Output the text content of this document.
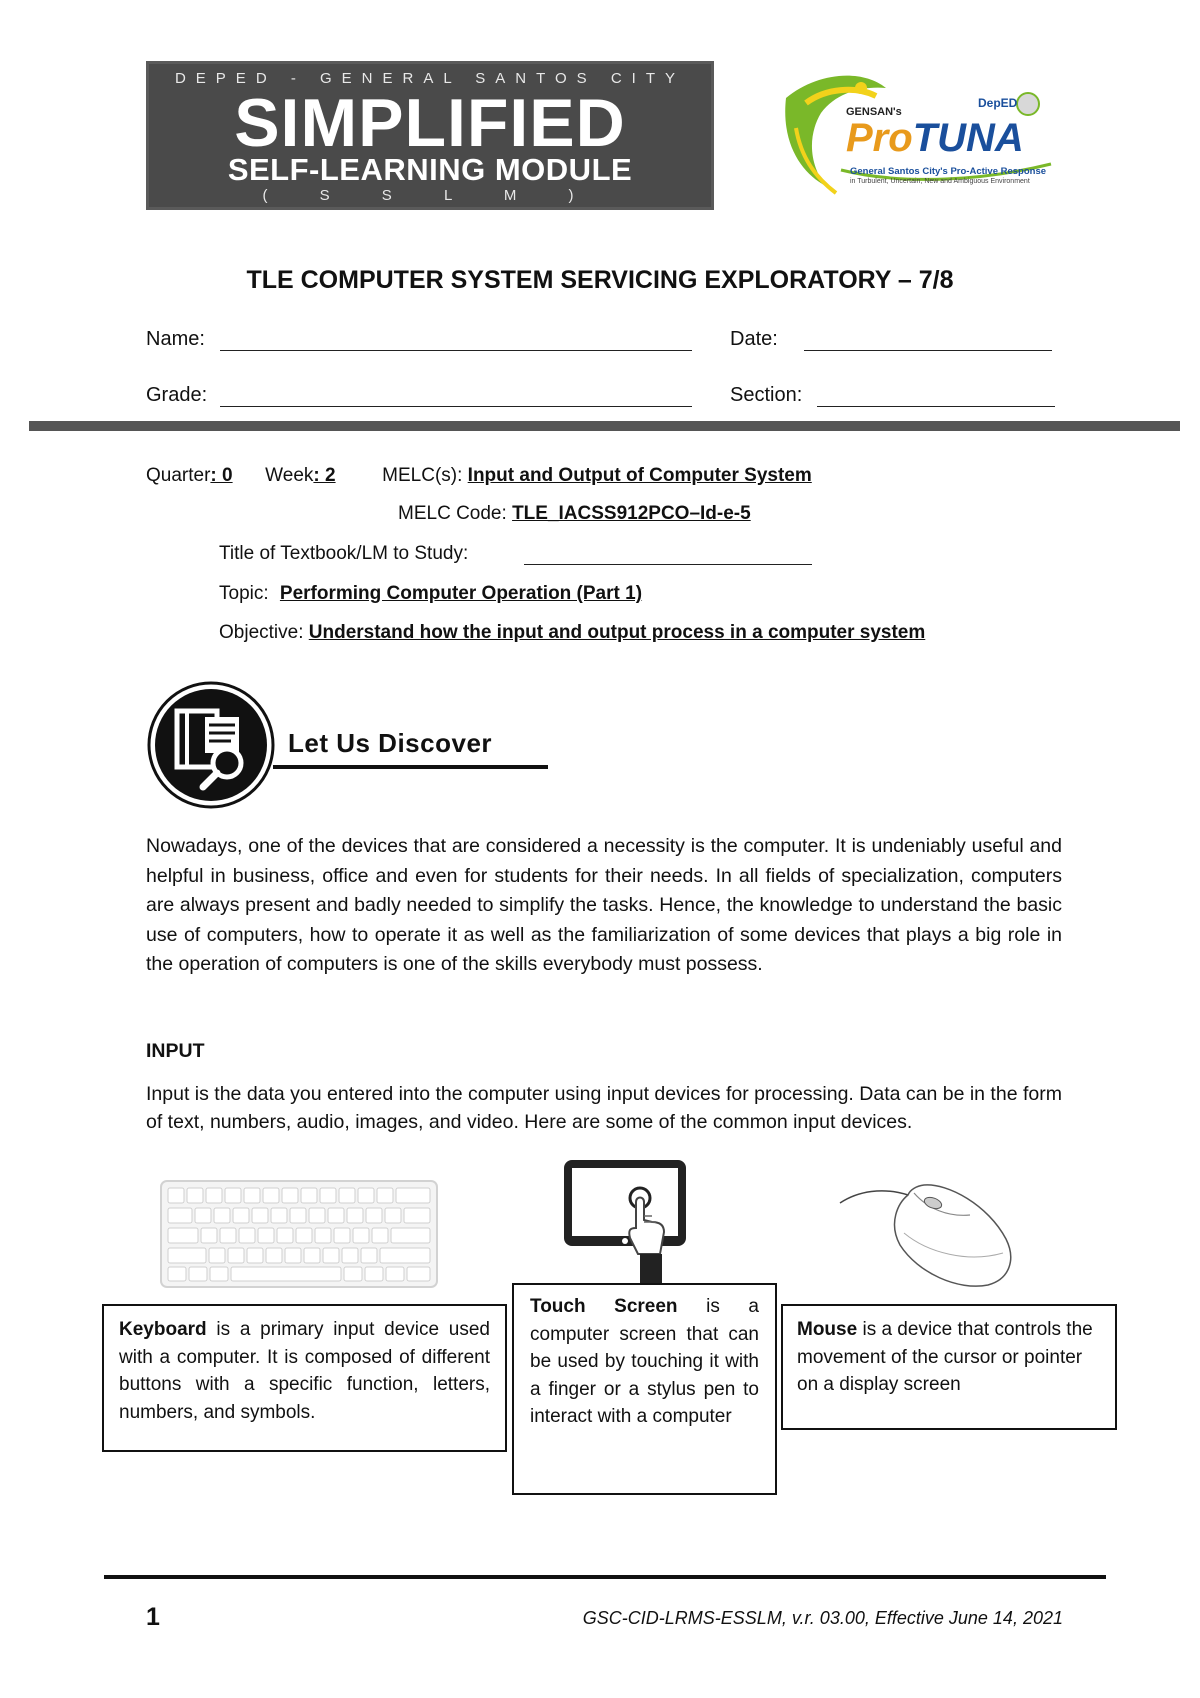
DEPED - GENERAL SANTOS CITY
SIMPLIFIED
SELF-LEARNING MODULE
( S S L M )
GENSAN's
ProTUNA
DepED
General Santos City's Pro-Active Response
in Turbulent, Uncertain, New and Ambiguous Environment
TLE COMPUTER SYSTEM SERVICING EXPLORATORY – 7/8
Name:	Date:
Grade:	Section:
Quarter: 0 Week: 2 MELC(s): Input and Output of Computer System
MELC Code: TLE_IACSS912PCO–Id-e-5
Title of Textbook/LM to Study:
Topic: Performing Computer Operation (Part 1)
Objective: Understand how the input and output process in a computer system
Let Us Discover
Nowadays, one of the devices that are considered a necessity is the computer. It is undeniably useful and helpful in business, office and even for students for their needs. In all fields of specialization, computers are always present and badly needed to simplify the tasks. Hence, the knowledge to understand the basic use of computers, how to operate it as well as the familiarization of some devices that plays a big role in the operation of computers is one of the skills everybody must possess.
INPUT
Input is the data you entered into the computer using input devices for processing. Data can be in the form of text, numbers, audio, images, and video. Here are some of the common input devices.
Keyboard is a primary input device used with a computer. It is composed of different buttons with a specific function, letters, numbers, and symbols.
Touch Screen is a computer screen that can be used by touching it with a finger or a stylus pen to interact with a computer
Mouse is a device that controls the movement of the cursor or pointer on a display screen
1	GSC-CID-LRMS-ESSLM, v.r. 03.00, Effective June 14, 2021
